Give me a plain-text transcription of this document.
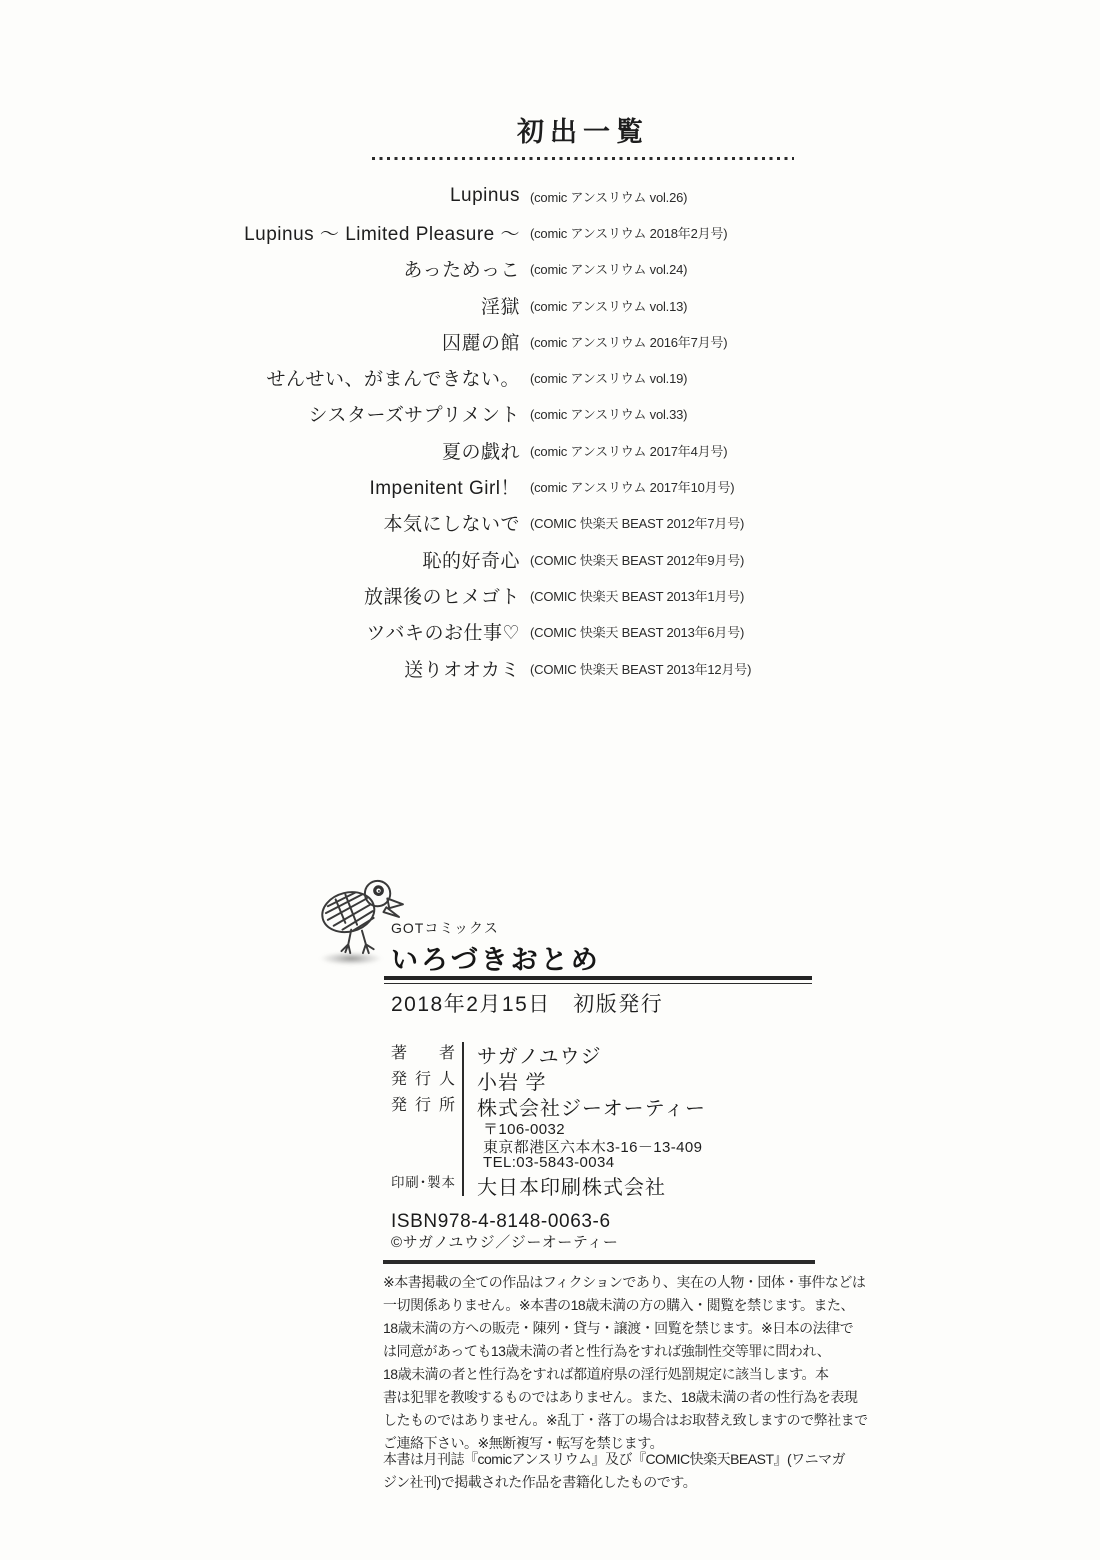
初出一覧
Lupinus (comic アンスリウム vol.26)
Lupinus ～ Limited Pleasure ～ (comic アンスリウム 2018年2月号)
あっためっこ (comic アンスリウム vol.24)
淫獄 (comic アンスリウム vol.13)
囚麗の館 (comic アンスリウム 2016年7月号)
せんせい、がまんできない。 (comic アンスリウム vol.19)
シスターズサプリメント (comic アンスリウム vol.33)
夏の戯れ (comic アンスリウム 2017年4月号)
Impenitent Girl！ (comic アンスリウム 2017年10月号)
本気にしないで (COMIC 快楽天 BEAST 2012年7月号)
恥的好奇心 (COMIC 快楽天 BEAST 2012年9月号)
放課後のヒメゴト (COMIC 快楽天 BEAST 2013年1月号)
ツバキのお仕事♡ (COMIC 快楽天 BEAST 2013年6月号)
送りオオカミ (COMIC 快楽天 BEAST 2013年12月号)
GOTコミックス
いろづきおとめ
2018年2月15日　初版発行
著者 サガノユウジ
発行人 小岩 学
発行所 株式会社ジーオーティー
〒106-0032
東京都港区六本木3-16－13-409
TEL:03-5843-0034
印刷･製本 大日本印刷株式会社
ISBN978-4-8148-0063-6
©サガノユウジ／ジーオーティー
※本書掲載の全ての作品はフィクションであり、実在の人物・団体・事件などは
一切関係ありません。※本書の18歳未満の方の購入・閲覧を禁じます。また、
18歳未満の方への販売・陳列・貸与・譲渡・回覧を禁じます。※日本の法律で
は同意があっても13歳未満の者と性行為をすれば強制性交等罪に問われ、
18歳未満の者と性行為をすれば都道府県の淫行処罰規定に該当します。本
書は犯罪を教唆するものではありません。また、18歳未満の者の性行為を表現
したものではありません。※乱丁・落丁の場合はお取替え致しますので弊社まで
ご連絡下さい。※無断複写・転写を禁じます。
本書は月刊誌『comicアンスリウム』及び『COMIC快楽天BEAST』(ワニマガ
ジン社刊)で掲載された作品を書籍化したものです。
